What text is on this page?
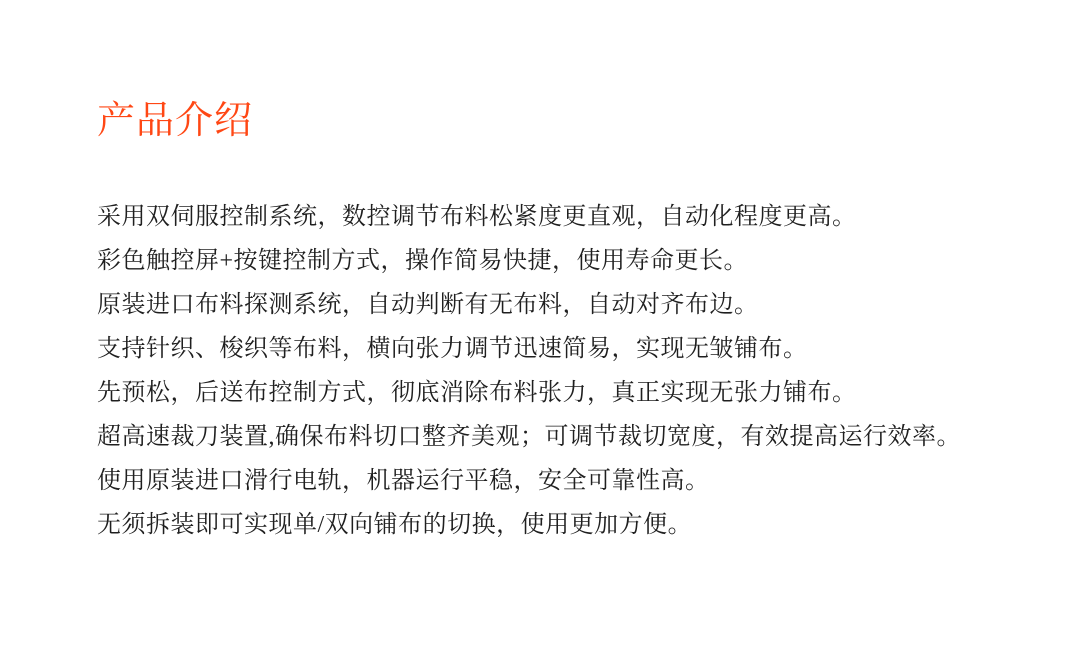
产品介绍

采用双伺服控制系统，数控调节布料松紧度更直观，自动化程度更高。

彩色触控屏+按键控制方式，操作简易快捷，使用寿命更长。

原装进口布料探测系统，自动判断有无布料，自动对齐布边。

支持针织、梭织等布料，横向张力调节迅速简易，实现无皱铺布。

先预松，后送布控制方式，彻底消除布料张力，真正实现无张力铺布。

超高速裁刀装置,确保布料切口整齐美观；可调节裁切宽度，有效提高运行效率。

使用原装进口滑行电轨，机器运行平稳，安全可靠性高。

无须拆装即可实现单/双向铺布的切换，使用更加方便。
